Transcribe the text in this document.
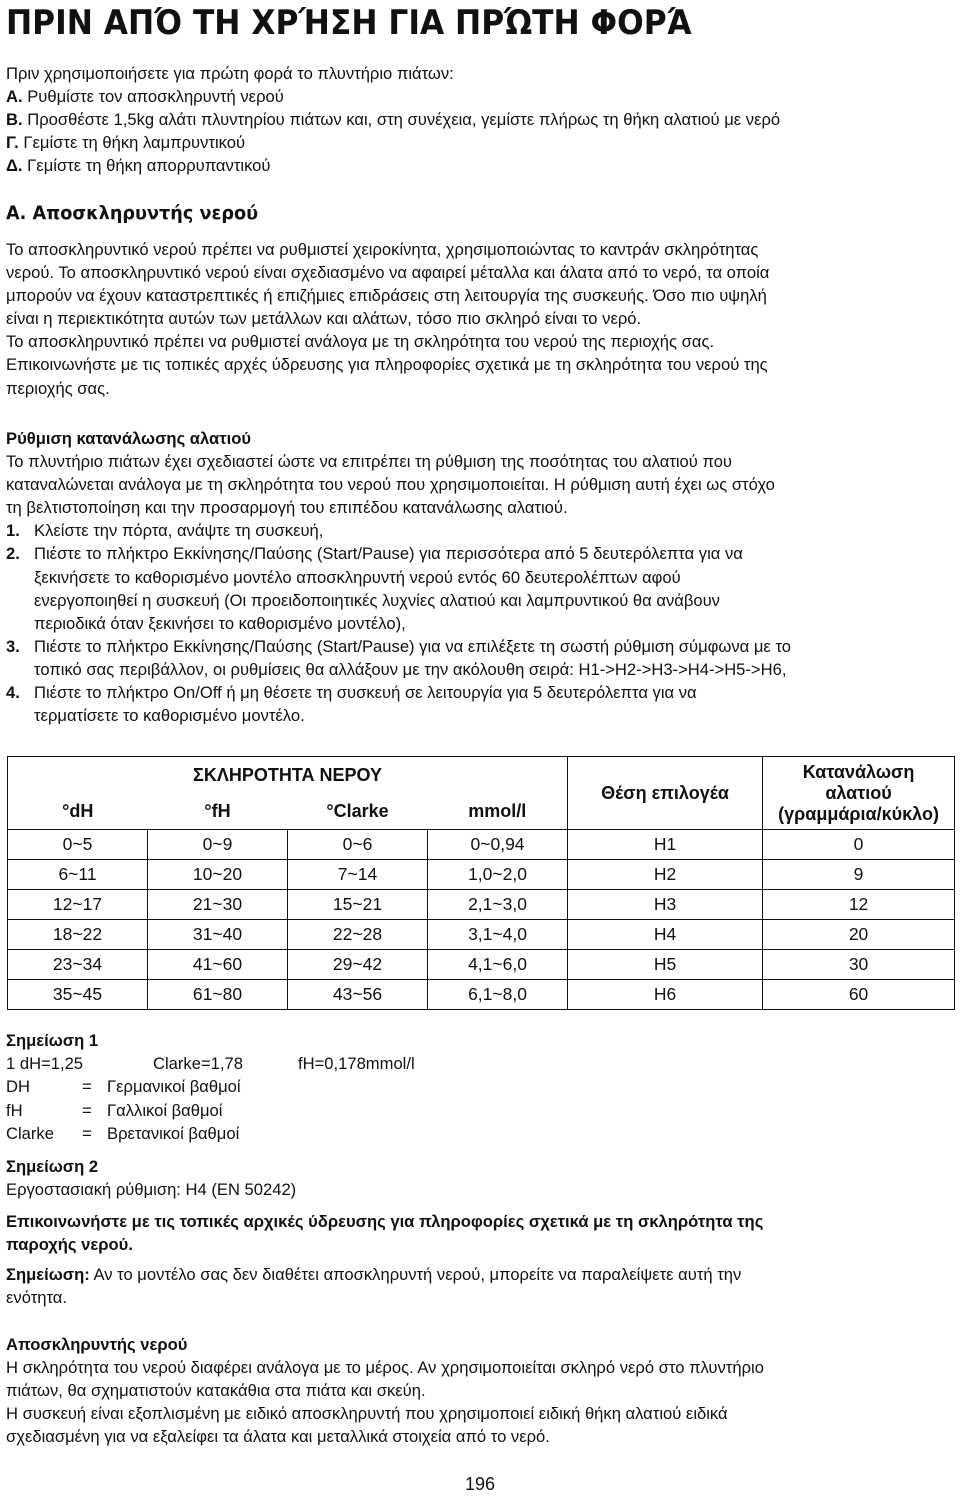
ΠΡΙΝ ΑΠΌ ΤΗ ΧΡΉΣΗ ΓΙΑ ΠΡΏΤΗ ΦΟΡΆ
Πριν χρησιμοποιήσετε για πρώτη φορά το πλυντήριο πιάτων:
Α. Ρυθμίστε τον αποσκληρυντή νερού
Β. Προσθέστε 1,5kg αλάτι πλυντηρίου πιάτων και, στη συνέχεια, γεμίστε πλήρως τη θήκη αλατιού με νερό
Γ. Γεμίστε τη θήκη λαμπρυντικού
Δ. Γεμίστε τη θήκη απορρυπαντικού
Α. Αποσκληρυντής νερού
Το αποσκληρυντικό νερού πρέπει να ρυθμιστεί χειροκίνητα, χρησιμοποιώντας το καντράν σκληρότητας
νερού. Το αποσκληρυντικό νερού είναι σχεδιασμένο να αφαιρεί μέταλλα και άλατα από το νερό, τα οποία
μπορούν να έχουν καταστρεπτικές ή επιζήμιες επιδράσεις στη λειτουργία της συσκευής. Όσο πιο υψηλή
είναι η περιεκτικότητα αυτών των μετάλλων και αλάτων, τόσο πιο σκληρό είναι το νερό.
Το αποσκληρυντικό πρέπει να ρυθμιστεί ανάλογα με τη σκληρότητα του νερού της περιοχής σας.
Επικοινωνήστε με τις τοπικές αρχές ύδρευσης για πληροφορίες σχετικά με τη σκληρότητα του νερού της
περιοχής σας.
Ρύθμιση κατανάλωσης αλατιού
Το πλυντήριο πιάτων έχει σχεδιαστεί ώστε να επιτρέπει τη ρύθμιση της ποσότητας του αλατιού που
καταναλώνεται ανάλογα με τη σκληρότητα του νερού που χρησιμοποιείται. Η ρύθμιση αυτή έχει ως στόχο
τη βελτιστοποίηση και την προσαρμογή του επιπέδου κατανάλωσης αλατιού.
1. Κλείστε την πόρτα, ανάψτε τη συσκευή,
2. Πιέστε το πλήκτρο Εκκίνησης/Παύσης (Start/Pause) για περισσότερα από 5 δευτερόλεπτα για να
ξεκινήσετε το καθορισμένο μοντέλο αποσκληρυντή νερού εντός 60 δευτερολέπτων αφού
ενεργοποιηθεί η συσκευή (Οι προειδοποιητικές λυχνίες αλατιού και λαμπρυντικού θα ανάβουν
περιοδικά όταν ξεκινήσει το καθορισμένο μοντέλο),
3. Πιέστε το πλήκτρο Εκκίνησης/Παύσης (Start/Pause) για να επιλέξετε τη σωστή ρύθμιση σύμφωνα με το
τοπικό σας περιβάλλον, οι ρυθμίσεις θα αλλάξουν με την ακόλουθη σειρά: H1->H2->H3->H4->H5->H6,
4. Πιέστε το πλήκτρο On/Off ή μη θέσετε τη συσκευή σε λειτουργία για 5 δευτερόλεπτα για να
τερματίσετε το καθορισμένο μοντέλο.
ΣΚΛΗΡΟΤΗΤΑ ΝΕΡΟΥ				Θέση επιλογέα	Κατανάλωση
αλατιού
(γραμμάρια/κύκλο)

°dH	°fH	°Clarke	mmol/l		
0~5	0~9	0~6	0~0,94	H1	0
6~11	10~20	7~14	1,0~2,0	H2	9
12~17	21~30	15~21	2,1~3,0	H3	12
18~22	31~40	22~28	3,1~4,0	H4	20
23~34	41~60	29~42	4,1~6,0	H5	30
35~45	61~80	43~56	6,1~8,0	H6	60
Σημείωση 1
1 dH=1,25	Clarke=1,78	fH=0,178mmol/l
DH	= Γερμανικοί βαθμοί
fH	= Γαλλικοί βαθμοί
Clarke = Βρετανικοί βαθμοί
Σημείωση 2
Εργοστασιακή ρύθμιση: H4 (EN 50242)
Επικοινωνήστε με τις τοπικές αρχικές ύδρευσης για πληροφορίες σχετικά με τη σκληρότητα της
παροχής νερού.
Σημείωση: Αν το μοντέλο σας δεν διαθέτει αποσκληρυντή νερού, μπορείτε να παραλείψετε αυτή την
ενότητα.
Αποσκληρυντής νερού
Η σκληρότητα του νερού διαφέρει ανάλογα με το μέρος. Αν χρησιμοποιείται σκληρό νερό στο πλυντήριο
πιάτων, θα σχηματιστούν κατακάθια στα πιάτα και σκεύη.
Η συσκευή είναι εξοπλισμένη με ειδικό αποσκληρυντή που χρησιμοποιεί ειδική θήκη αλατιού ειδικά
σχεδιασμένη για να εξαλείφει τα άλατα και μεταλλικά στοιχεία από το νερό.
196
